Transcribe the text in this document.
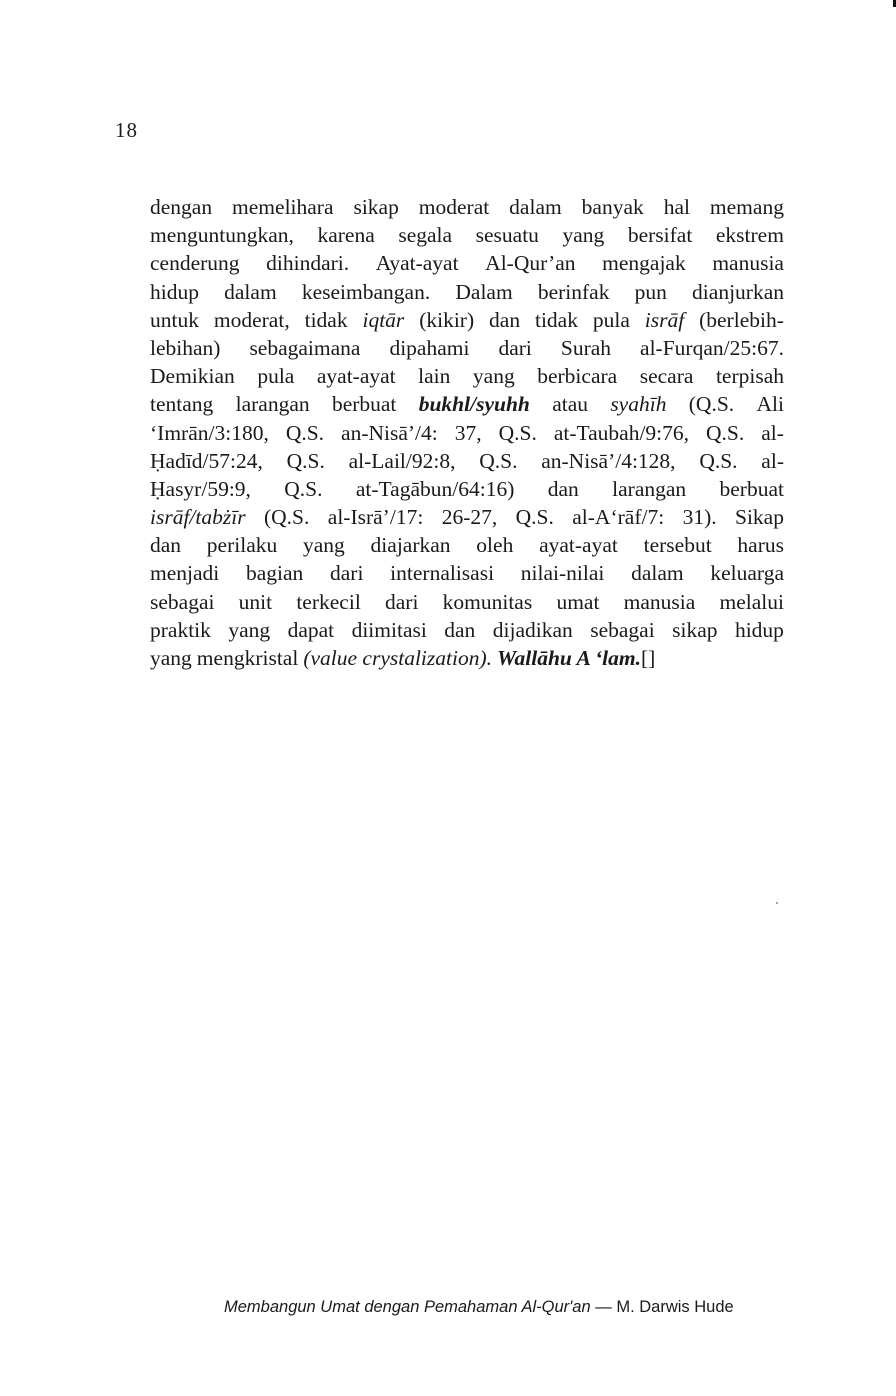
18
dengan memelihara sikap moderat dalam banyak hal memang
menguntungkan, karena segala sesuatu yang bersifat ekstrem
cenderung dihindari. Ayat-ayat Al-Qur’an mengajak manusia
hidup dalam keseimbangan. Dalam berinfak pun dianjurkan
untuk moderat, tidak iqtār (kikir) dan tidak pula isrāf (berlebih-
lebihan) sebagaimana dipahami dari Surah al-Furqan/25:67.
Demikian pula ayat-ayat lain yang berbicara secara terpisah
tentang larangan berbuat bukhl/syuhh atau syahīh (Q.S. Ali
‘Imrān/3:180, Q.S. an-Nisā’/4: 37, Q.S. at-Taubah/9:76, Q.S. al-
Ḥadīd/57:24, Q.S. al-Lail/92:8, Q.S. an-Nisā’/4:128, Q.S. al-
Ḥasyr/59:9, Q.S. at-Tagābun/64:16) dan larangan berbuat
isrāf/tabżīr (Q.S. al-Isrā’/17: 26-27, Q.S. al-A‘rāf/7: 31). Sikap
dan perilaku yang diajarkan oleh ayat-ayat tersebut harus
menjadi bagian dari internalisasi nilai-nilai dalam keluarga
sebagai unit terkecil dari komunitas umat manusia melalui
praktik yang dapat diimitasi dan dijadikan sebagai sikap hidup
yang mengkristal (value crystalization). Wallāhu A ‘lam. []
Membangun Umat dengan Pemahaman Al-Qur'an — M. Darwis Hude
